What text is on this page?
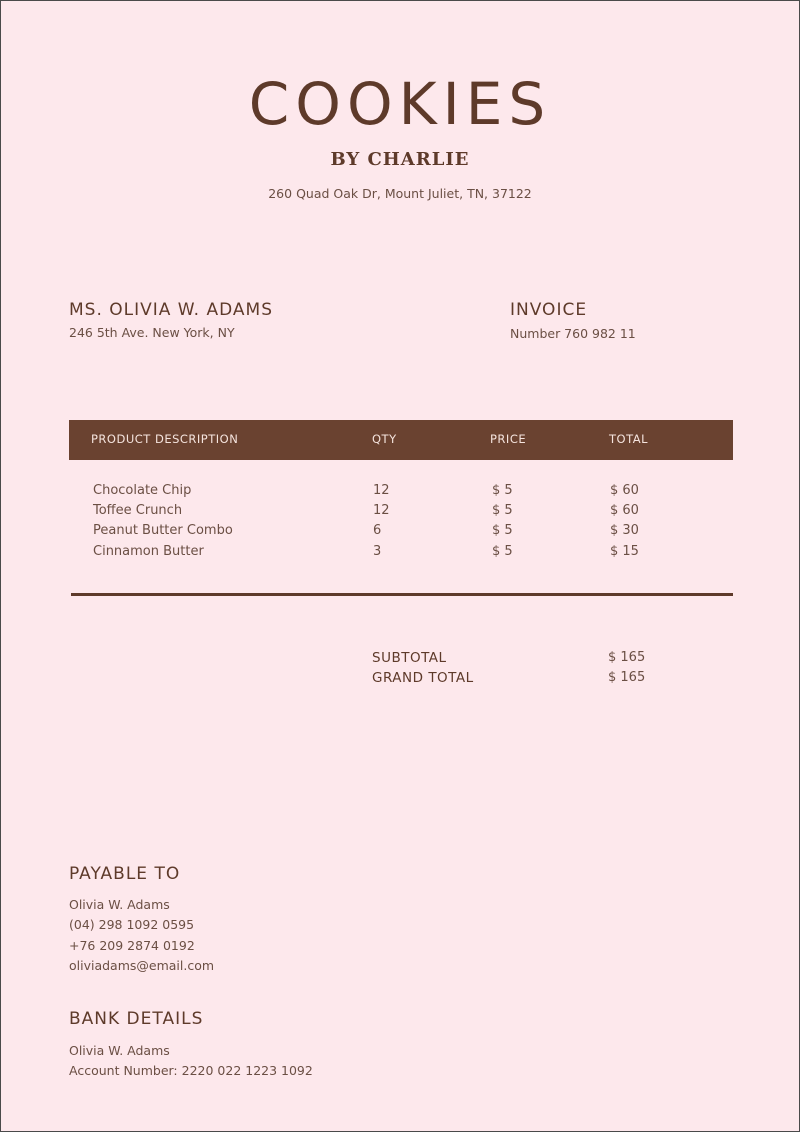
COOKIES
BY CHARLIE
260 Quad Oak Dr, Mount Juliet, TN, 37122
MS. OLIVIA W. ADAMS
246 5th Ave. New York, NY
INVOICE
Number 760 982 11
PRODUCT DESCRIPTION	QTY	PRICE	TOTAL
Chocolate Chip	12	$ 5	$ 60
Toffee Crunch	12	$ 5	$ 60
Peanut Butter Combo	6	$ 5	$ 30
Cinnamon Butter	3	$ 5	$ 15
SUBTOTAL	$ 165
GRAND TOTAL	$ 165
PAYABLE TO
Olivia W. Adams
(04) 298 1092 0595
+76 209 2874 0192
oliviadams@email.com
BANK DETAILS
Olivia W. Adams
Account Number: 2220 022 1223 1092
